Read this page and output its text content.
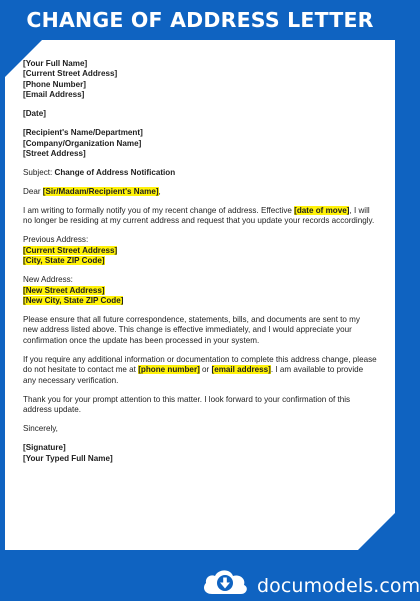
CHANGE OF ADDRESS LETTER
[Your Full Name]
[Current Street Address]
[Phone Number]
[Email Address]
[Date]
[Recipient's Name/Department]
[Company/Organization Name]
[Street Address]

Subject: Change of Address Notification

Dear [Sir/Madam/Recipient's Name],

I am writing to formally notify you of my recent change of address. Effective [date of move], I will no longer be residing at my current address and request that you update your records accordingly.

Previous Address:
[Current Street Address]
[City, State ZIP Code]
New Address:
[New Street Address]
[New City, State ZIP Code]

Please ensure that all future correspondence, statements, bills, and documents are sent to my new address listed above. This change is effective immediately, and I would appreciate your confirmation once the update has been processed in your system.

If you require any additional information or documentation to complete this address change, please do not hesitate to contact me at [phone number] or [email address]. I am available to provide any necessary verification.

Thank you for your prompt attention to this matter. I look forward to your confirmation of this address update.

Sincerely,
[Signature]
[Your Typed Full Name]
documodels.com
